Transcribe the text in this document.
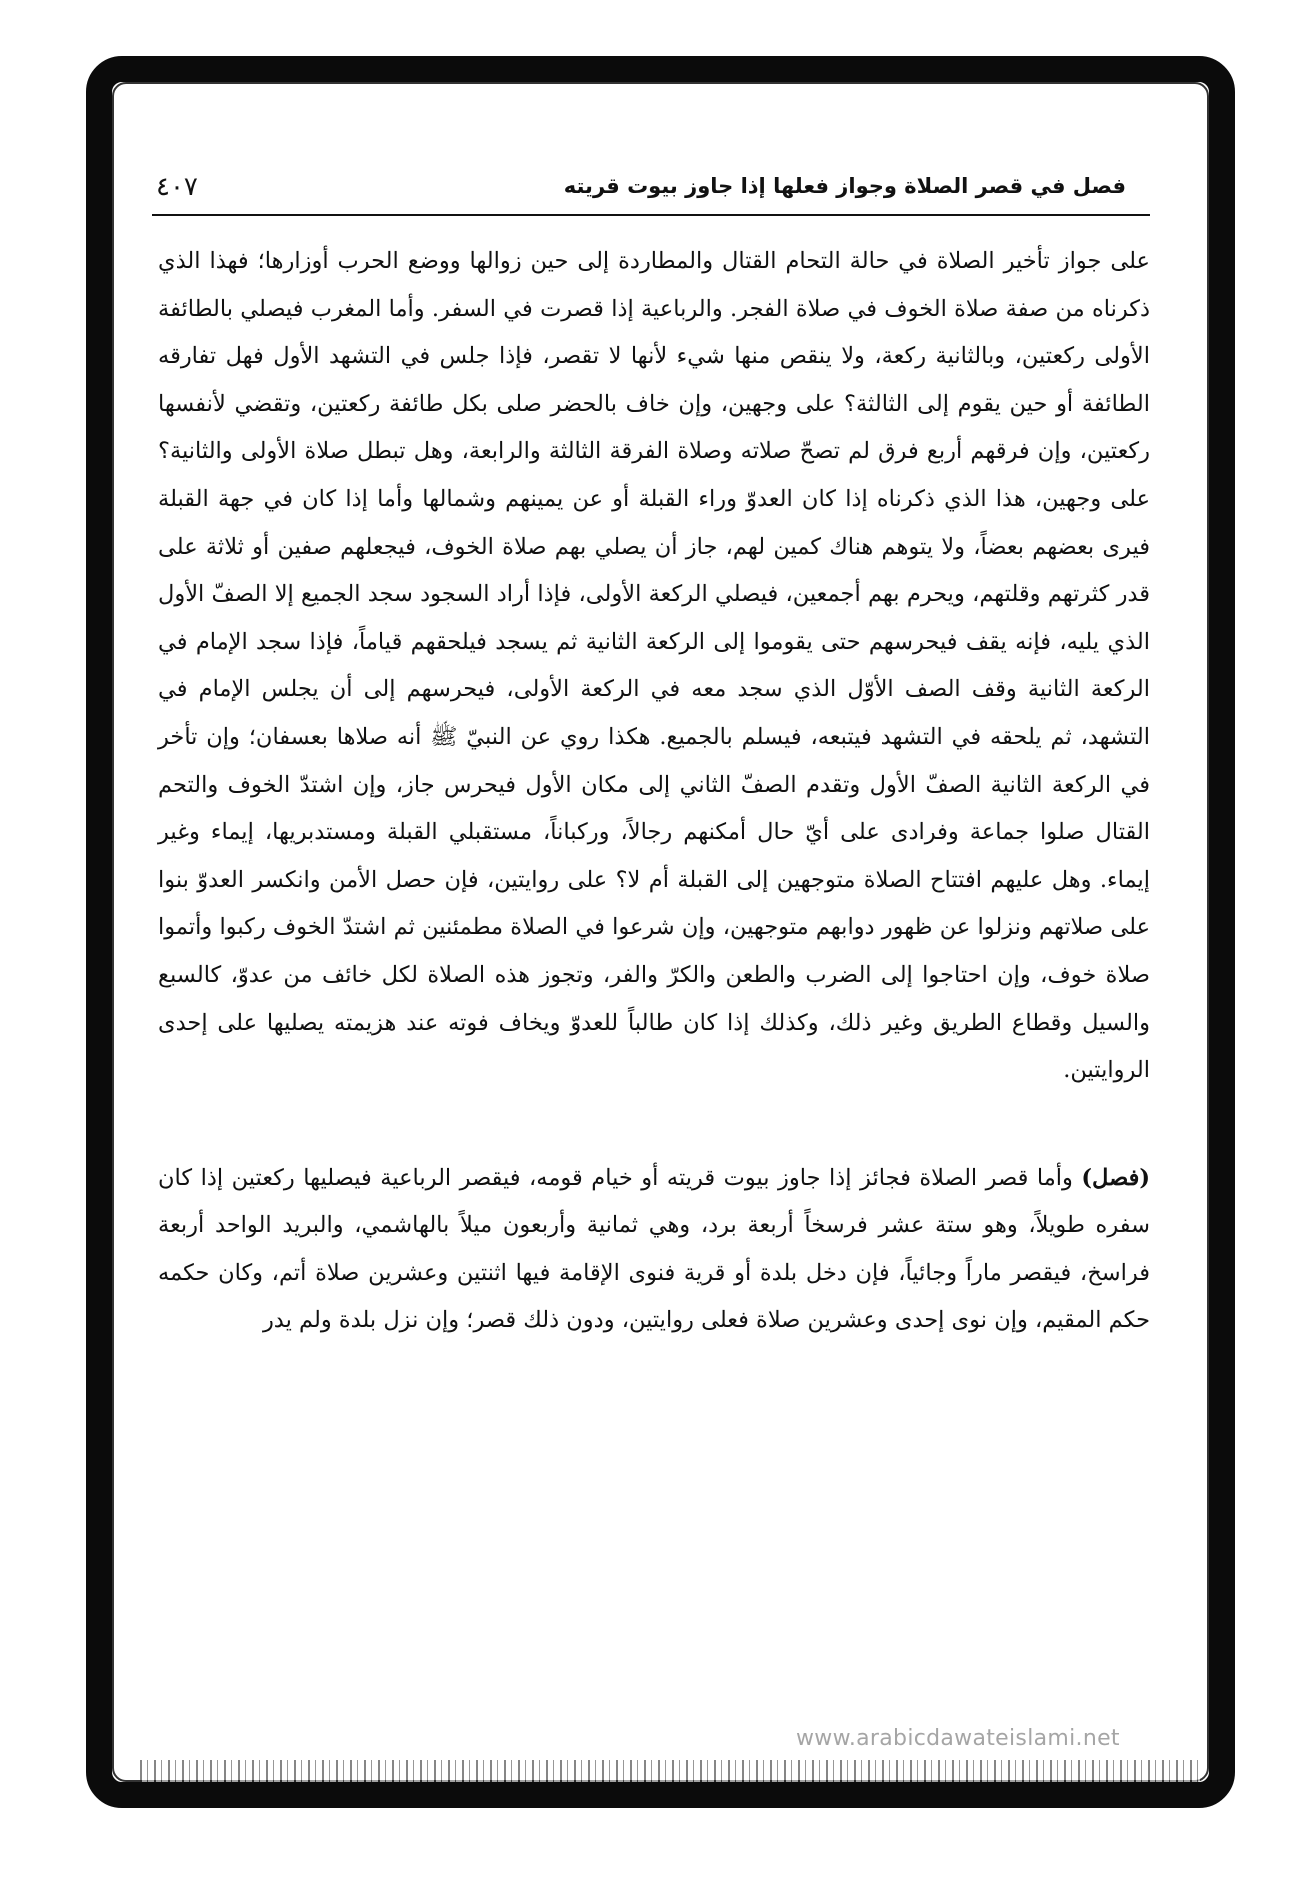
فصل في قصر الصلاة وجواز فعلها إذا جاوز بيوت قريته
٤٠٧

على جواز تأخير الصلاة في حالة التحام القتال والمطاردة إلى حين زوالها ووضع الحرب أوزارها؛ فهذا الذي ذكرناه من صفة صلاة الخوف في صلاة الفجر. والرباعية إذا قصرت في السفر. وأما المغرب فيصلي بالطائفة الأولى ركعتين، وبالثانية ركعة، ولا ينقص منها شيء لأنها لا تقصر، فإذا جلس في التشهد الأول فهل تفارقه الطائفة أو حين يقوم إلى الثالثة؟ على وجهين، وإن خاف بالحضر صلى بكل طائفة ركعتين، وتقضي لأنفسها ركعتين، وإن فرقهم أربع فرق لم تصحّ صلاته وصلاة الفرقة الثالثة والرابعة، وهل تبطل صلاة الأولى والثانية؟ على وجهين، هذا الذي ذكرناه إذا كان العدوّ وراء القبلة أو عن يمينهم وشمالها وأما إذا كان في جهة القبلة فيرى بعضهم بعضاً، ولا يتوهم هناك كمين لهم، جاز أن يصلي بهم صلاة الخوف، فيجعلهم صفين أو ثلاثة على قدر كثرتهم وقلتهم، ويحرم بهم أجمعين، فيصلي الركعة الأولى، فإذا أراد السجود سجد الجميع إلا الصفّ الأول الذي يليه، فإنه يقف فيحرسهم حتى يقوموا إلى الركعة الثانية ثم يسجد فيلحقهم قياماً، فإذا سجد الإمام في الركعة الثانية وقف الصف الأوّل الذي سجد معه في الركعة الأولى، فيحرسهم إلى أن يجلس الإمام في التشهد، ثم يلحقه في التشهد فيتبعه، فيسلم بالجميع. هكذا روي عن النبيّ ﷺ أنه صلاها بعسفان؛ وإن تأخر في الركعة الثانية الصفّ الأول وتقدم الصفّ الثاني إلى مكان الأول فيحرس جاز، وإن اشتدّ الخوف والتحم القتال صلوا جماعة وفرادى على أيّ حال أمكنهم رجالاً، وركباناً، مستقبلي القبلة ومستدبريها، إيماء وغير إيماء. وهل عليهم افتتاح الصلاة متوجهين إلى القبلة أم لا؟ على روايتين، فإن حصل الأمن وانكسر العدوّ بنوا على صلاتهم ونزلوا عن ظهور دوابهم متوجهين، وإن شرعوا في الصلاة مطمئنين ثم اشتدّ الخوف ركبوا وأتموا صلاة خوف، وإن احتاجوا إلى الضرب والطعن والكرّ والفر، وتجوز هذه الصلاة لكل خائف من عدوّ، كالسبع والسيل وقطاع الطريق وغير ذلك، وكذلك إذا كان طالباً للعدوّ ويخاف فوته عند هزيمته يصليها على إحدى الروايتين.

(فصل) وأما قصر الصلاة فجائز إذا جاوز بيوت قريته أو خيام قومه، فيقصر الرباعية فيصليها ركعتين إذا كان سفره طويلاً، وهو ستة عشر فرسخاً أربعة برد، وهي ثمانية وأربعون ميلاً بالهاشمي، والبريد الواحد أربعة فراسخ، فيقصر ماراً وجائياً، فإن دخل بلدة أو قرية فنوى الإقامة فيها اثنتين وعشرين صلاة أتم، وكان حكمه حكم المقيم، وإن نوى إحدى وعشرين صلاة فعلى روايتين، ودون ذلك قصر؛ وإن نزل بلدة ولم يدر

www.arabicdawateislami.net
